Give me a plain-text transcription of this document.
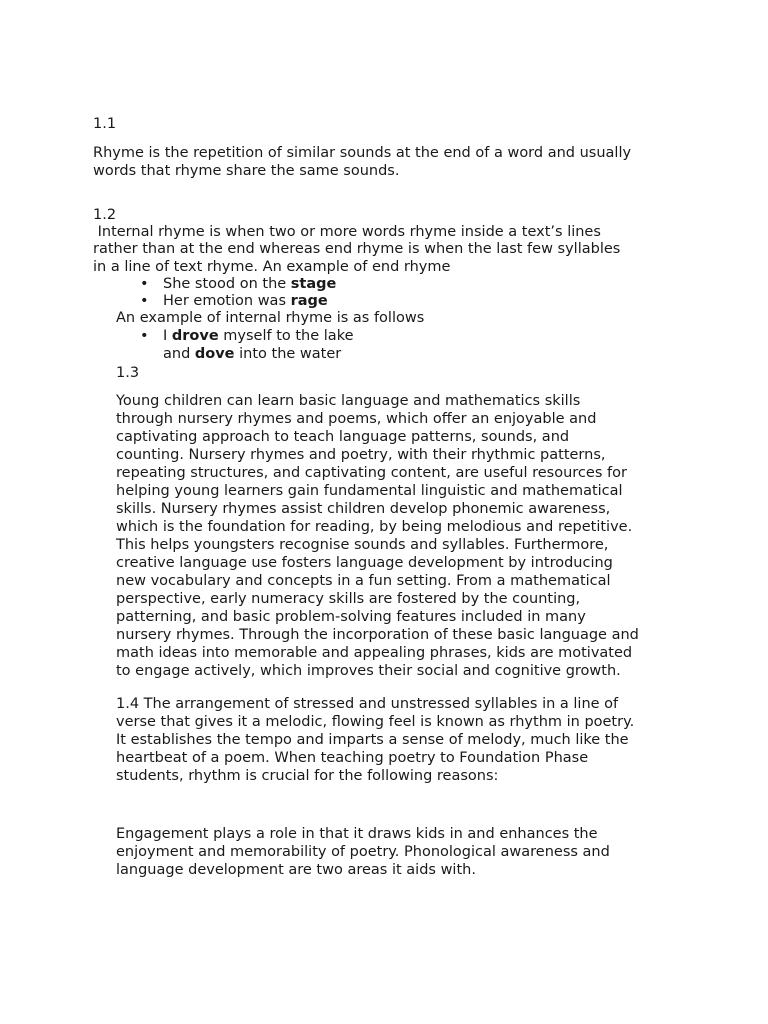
1.1
Rhyme is the repetition of similar sounds at the end of a word and usually
words that rhyme share the same sounds.
1.2
Internal rhyme is when two or more words rhyme inside a text’s lines
rather than at the end whereas end rhyme is when the last few syllables
in a line of text rhyme. An example of end rhyme
• She stood on the stage
• Her emotion was rage
An example of internal rhyme is as follows
• I drove myself to the lake
and dove into the water
1.3
Young children can learn basic language and mathematics skills
through nursery rhymes and poems, which offer an enjoyable and
captivating approach to teach language patterns, sounds, and
counting. Nursery rhymes and poetry, with their rhythmic patterns,
repeating structures, and captivating content, are useful resources for
helping young learners gain fundamental linguistic and mathematical
skills. Nursery rhymes assist children develop phonemic awareness,
which is the foundation for reading, by being melodious and repetitive.
This helps youngsters recognise sounds and syllables. Furthermore,
creative language use fosters language development by introducing
new vocabulary and concepts in a fun setting. From a mathematical
perspective, early numeracy skills are fostered by the counting,
patterning, and basic problem-solving features included in many
nursery rhymes. Through the incorporation of these basic language and
math ideas into memorable and appealing phrases, kids are motivated
to engage actively, which improves their social and cognitive growth.
1.4 The arrangement of stressed and unstressed syllables in a line of
verse that gives it a melodic, flowing feel is known as rhythm in poetry.
It establishes the tempo and imparts a sense of melody, much like the
heartbeat of a poem. When teaching poetry to Foundation Phase
students, rhythm is crucial for the following reasons:
Engagement plays a role in that it draws kids in and enhances the
enjoyment and memorability of poetry. Phonological awareness and
language development are two areas it aids with.
